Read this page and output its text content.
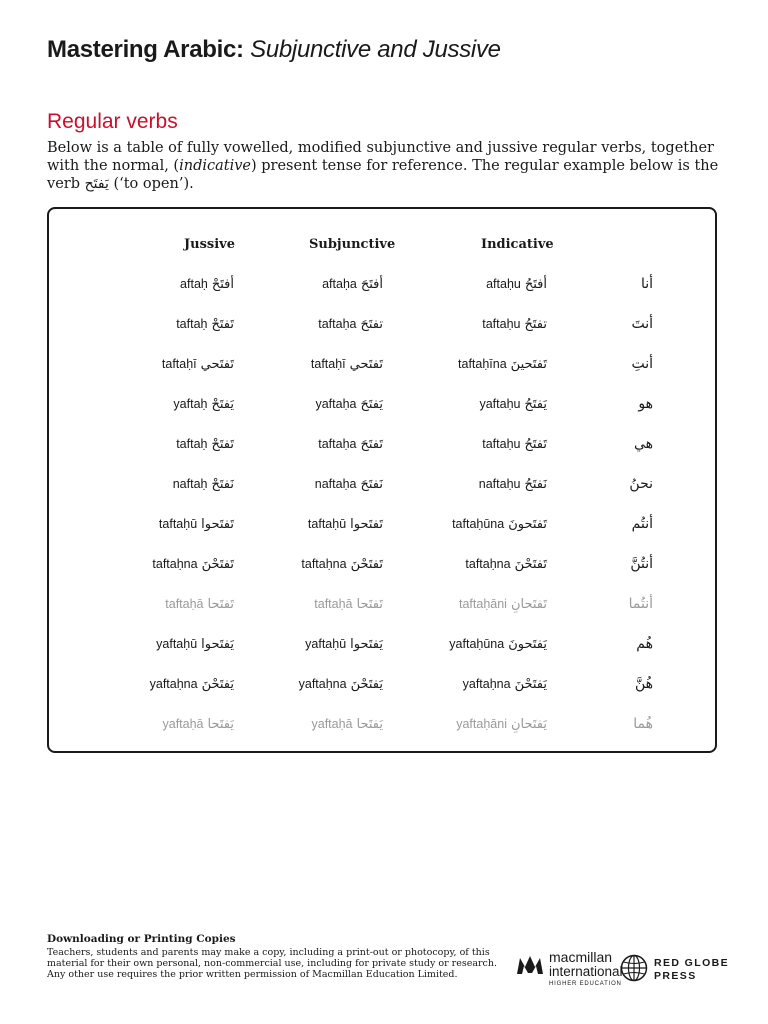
Mastering Arabic: Subjunctive and Jussive
Regular verbs

Below is a table of fully vowelled, modified subjunctive and jussive regular verbs, together with the normal, (indicative) present tense for reference. The regular example below is the verb يَفتَح (‘to open’).

Jussive	Subjunctive	Indicative
aftaḥ أفتَحْ	aftaḥa أفتَحَ	aftaḥu أفتَحُ	أنا
taftaḥ تَفتَحْ	taftaḥa تفتَحَ	taftaḥu تفتَحُ	أنتَ
taftaḥī تَفتَحي	taftaḥī تَفتَحي	taftaḥīna تَفتَحينَ	أنتِ
yaftaḥ يَفتَحْ	yaftaḥa يَفتَحَ	yaftaḥu يَفتَحُ	هو
taftaḥ تَفتَحْ	taftaḥa تَفتَحَ	taftaḥu تَفتَحُ	هي
naftaḥ نَفتَحْ	naftaḥa نَفتَحَ	naftaḥu نَفتَحُ	نحنُ
taftaḥū تَفتَحوا	taftaḥū تَفتَحوا	taftaḥūna تَفتَحونَ	أنتُم
taftaḥna تَفتَحْنَ	taftaḥna تَفتَحْنَ	taftaḥna تَفتَحْنَ	أنتُنَّ
taftaḥā تَفتَحا	taftaḥā تَفتَحا	taftaḥāni تَفتَحانِ	أنتُما
yaftaḥū يَفتَحوا	yaftaḥū يَفتَحوا	yaftaḥūna يَفتَحونَ	هُم
yaftaḥna يَفتَحْنَ	yaftaḥna يَفتَحْنَ	yaftaḥna يَفتَحْنَ	هُنَّ
yaftaḥā يَفتَحا	yaftaḥā يَفتَحا	yaftaḥāni يَفتَحانِ	هُما
Downloading or Printing Copies
Teachers, students and parents may make a copy, including a print-out or photocopy, of this
material for their own personal, non-commercial use, including for private study or research.
Any other use requires the prior written permission of Macmillan Education Limited.
macmillan
international
HIGHER EDUCATION
RED GLOBE
PRESS
